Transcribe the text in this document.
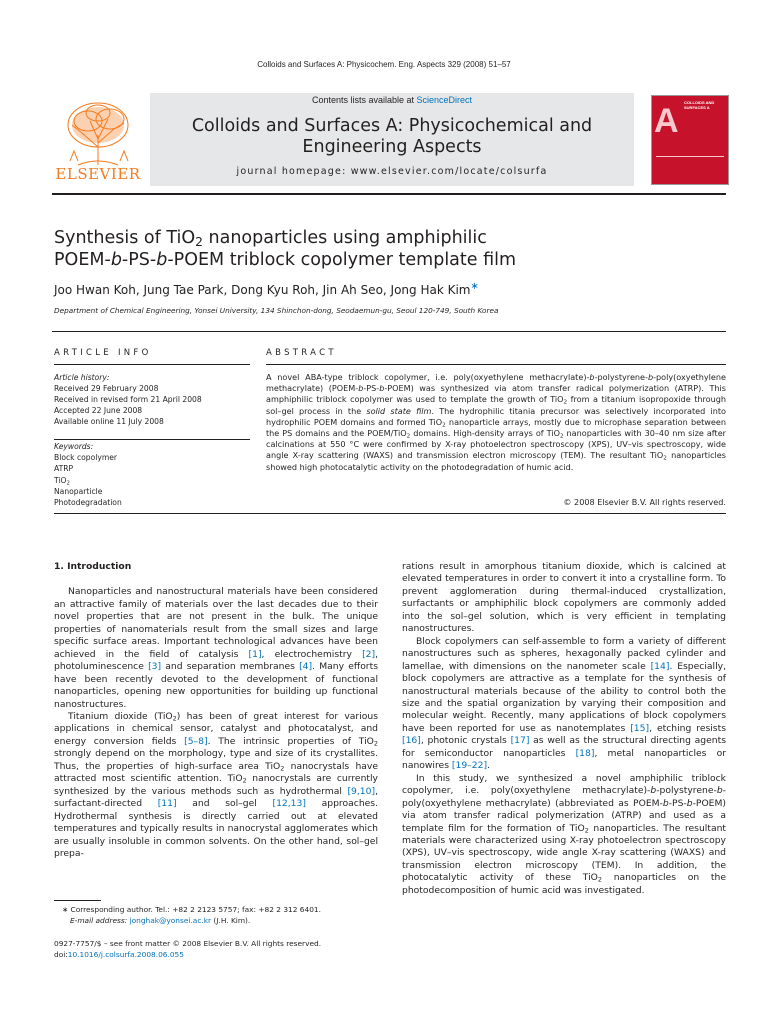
Colloids and Surfaces A: Physicochem. Eng. Aspects 329 (2008) 51–57
ELSEVIER
Contents lists available at ScienceDirect
Colloids and Surfaces A: Physicochemical and
Engineering Aspects
journal homepage: www.elsevier.com/locate/colsurfa
A COLLOIDS AND SURFACES A
Synthesis of TiO$_2$ nanoparticles using amphiphilic
POEM-b-PS-b-POEM triblock copolymer template film
Joo Hwan Koh, Jung Tae Park, Dong Kyu Roh, Jin Ah Seo, Jong Hak Kim∗
Department of Chemical Engineering, Yonsei University, 134 Shinchon-dong, Seodaemun-gu, Seoul 120-749, South Korea
ARTICLE INFO
Article history:
Received 29 February 2008
Received in revised form 21 April 2008
Accepted 22 June 2008
Available online 11 July 2008
Keywords:
Block copolymer
ATRP
TiO$_2$
Nanoparticle
Photodegradation
ABSTRACT
A novel ABA-type triblock copolymer, i.e. poly(oxyethylene methacrylate)-b-polystyrene-b-poly(oxyethylene methacrylate) (POEM-b-PS-b-POEM) was synthesized via atom transfer radical polymerization (ATRP). This amphiphilic triblock copolymer was used to template the growth of TiO$_2$ from a titanium isopropoxide through sol–gel process in the solid state film. The hydrophilic titania precursor was selectively incorporated into hydrophilic POEM domains and formed TiO$_2$ nanoparticle arrays, mostly due to microphase separation between the PS domains and the POEM/TiO$_2$ domains. High-density arrays of TiO$_2$ nanoparticles with 30–40 nm size after calcinations at 550 °C were confirmed by X-ray photoelectron spectroscopy (XPS), UV–vis spectroscopy, wide angle X-ray scattering (WAXS) and transmission electron microscopy (TEM). The resultant TiO$_2$ nanoparticles showed high photocatalytic activity on the photodegradation of humic acid.
© 2008 Elsevier B.V. All rights reserved.
1. Introduction

Nanoparticles and nanostructural materials have been considered an attractive family of materials over the last decades due to their novel properties that are not present in the bulk. The unique properties of nanomaterials result from the small sizes and large specific surface areas. Important technological advances have been achieved in the field of catalysis [1], electrochemistry [2], photoluminescence [3] and separation membranes [4]. Many efforts have been recently devoted to the development of functional nanoparticles, opening new opportunities for building up functional nanostructures.

Titanium dioxide (TiO$_2$) has been of great interest for various applications in chemical sensor, catalyst and photocatalyst, and energy conversion fields [5–8]. The intrinsic properties of TiO$_2$ strongly depend on the morphology, type and size of its crystallites. Thus, the properties of high-surface area TiO$_2$ nanocrystals have attracted most scientific attention. TiO$_2$ nanocrystals are currently synthesized by the various methods such as hydrothermal [9,10], surfactant-directed [11] and sol–gel [12,13] approaches. Hydrothermal synthesis is directly carried out at elevated temperatures and typically results in nanocrystal agglomerates which are usually insoluble in common solvents. On the other hand, sol–gel prepa-

rations result in amorphous titanium dioxide, which is calcined at elevated temperatures in order to convert it into a crystalline form. To prevent agglomeration during thermal-induced crystallization, surfactants or amphiphilic block copolymers are commonly added into the sol–gel solution, which is very efficient in templating nanostructures.

Block copolymers can self-assemble to form a variety of different nanostructures such as spheres, hexagonally packed cylinder and lamellae, with dimensions on the nanometer scale [14]. Especially, block copolymers are attractive as a template for the synthesis of nanostructural materials because of the ability to control both the size and the spatial organization by varying their composition and molecular weight. Recently, many applications of block copolymers have been reported for use as nanotemplates [15], etching resists [16], photonic crystals [17] as well as the structural directing agents for semiconductor nanoparticles [18], metal nanoparticles or nanowires [19–22].

In this study, we synthesized a novel amphiphilic triblock copolymer, i.e. poly(oxyethylene methacrylate)-b-polystyrene-b-poly(oxyethylene methacrylate) (abbreviated as POEM-b-PS-b-POEM) via atom transfer radical polymerization (ATRP) and used as a template film for the formation of TiO$_2$ nanoparticles. The resultant materials were characterized using X-ray photoelectron spectroscopy (XPS), UV–vis spectroscopy, wide angle X-ray scattering (WAXS) and transmission electron microscopy (TEM). In addition, the photocatalytic activity of these TiO$_2$ nanoparticles on the photodecomposition of humic acid was investigated.

∗ Corresponding author. Tel.: +82 2 2123 5757; fax: +82 2 312 6401.
E-mail address: jonghak@yonsei.ac.kr (J.H. Kim).
0927-7757/$ – see front matter © 2008 Elsevier B.V. All rights reserved.
doi:10.1016/j.colsurfa.2008.06.055
